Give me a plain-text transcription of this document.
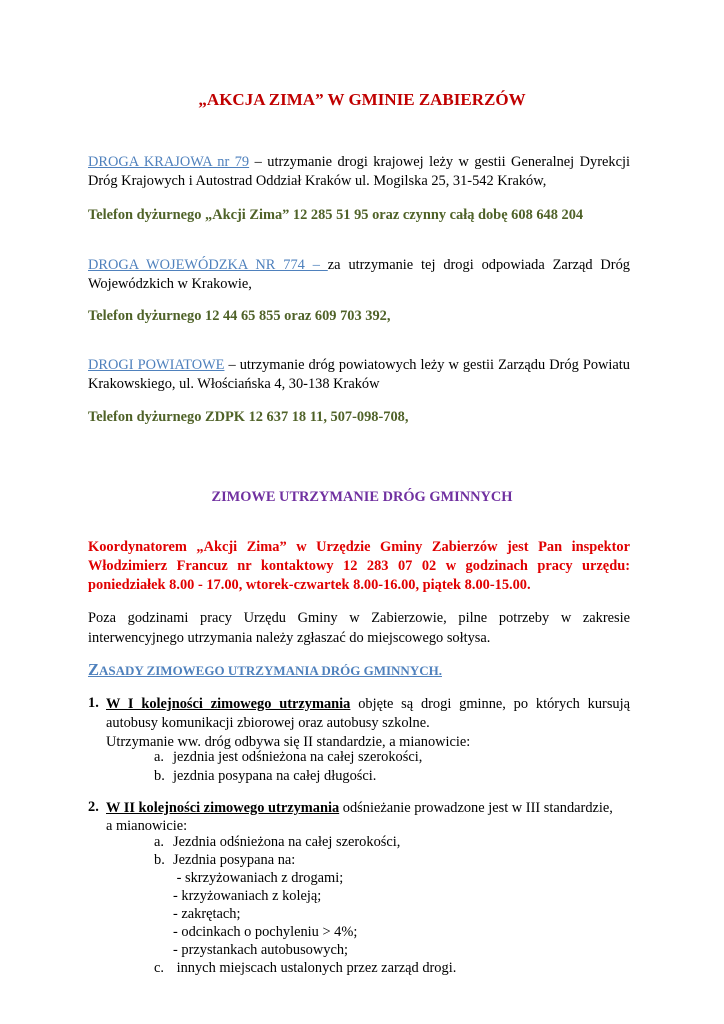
„AKCJA ZIMA” W GMINIE ZABIERZÓW
DROGA KRAJOWA nr 79 – utrzymanie drogi krajowej leży w gestii Generalnej Dyrekcji Dróg Krajowych i Autostrad Oddział Kraków ul. Mogilska 25, 31-542 Kraków,
Telefon dyżurnego „Akcji Zima” 12 285 51 95 oraz czynny całą dobę 608 648 204
DROGA WOJEWÓDZKA NR 774 – za utrzymanie tej drogi odpowiada Zarząd Dróg Wojewódzkich w Krakowie,
Telefon dyżurnego 12 44 65 855 oraz 609 703 392,
DROGI POWIATOWE – utrzymanie dróg powiatowych leży w gestii Zarządu Dróg Powiatu Krakowskiego, ul. Włościańska 4, 30-138 Kraków
Telefon dyżurnego ZDPK 12 637 18 11, 507-098-708,
ZIMOWE UTRZYMANIE DRÓG GMINNYCH
Koordynatorem „Akcji Zima” w Urzędzie Gminy Zabierzów jest Pan inspektor Włodzimierz Francuz nr kontaktowy 12 283 07 02 w godzinach pracy urzędu: poniedziałek 8.00 - 17.00, wtorek-czwartek 8.00-16.00, piątek 8.00-15.00.
Poza godzinami pracy Urzędu Gminy w Zabierzowie, pilne potrzeby w zakresie interwencyjnego utrzymania należy zgłaszać do miejscowego sołtysa.
ZASADY ZIMOWEGO UTRZYMANIA DRÓG GMINNYCH.
1. W I kolejności zimowego utrzymania objęte są drogi gminne, po których kursują autobusy komunikacji zbiorowej oraz autobusy szkolne.
Utrzymanie ww. dróg odbywa się II standardzie, a mianowicie:
a. jezdnia jest odśnieżona na całej szerokości,
b. jezdnia posypana na całej długości.
2. W II kolejności zimowego utrzymania odśnieżanie prowadzone jest w III standardzie,
a mianowicie:
a. Jezdnia odśnieżona na całej szerokości,
b. Jezdnia posypana na:
- skrzyżowaniach z drogami;
- krzyżowaniach z koleją;
- zakrętach;
- odcinkach o pochyleniu > 4%;
- przystankach autobusowych;
c. innych miejscach ustalonych przez zarząd drogi.
